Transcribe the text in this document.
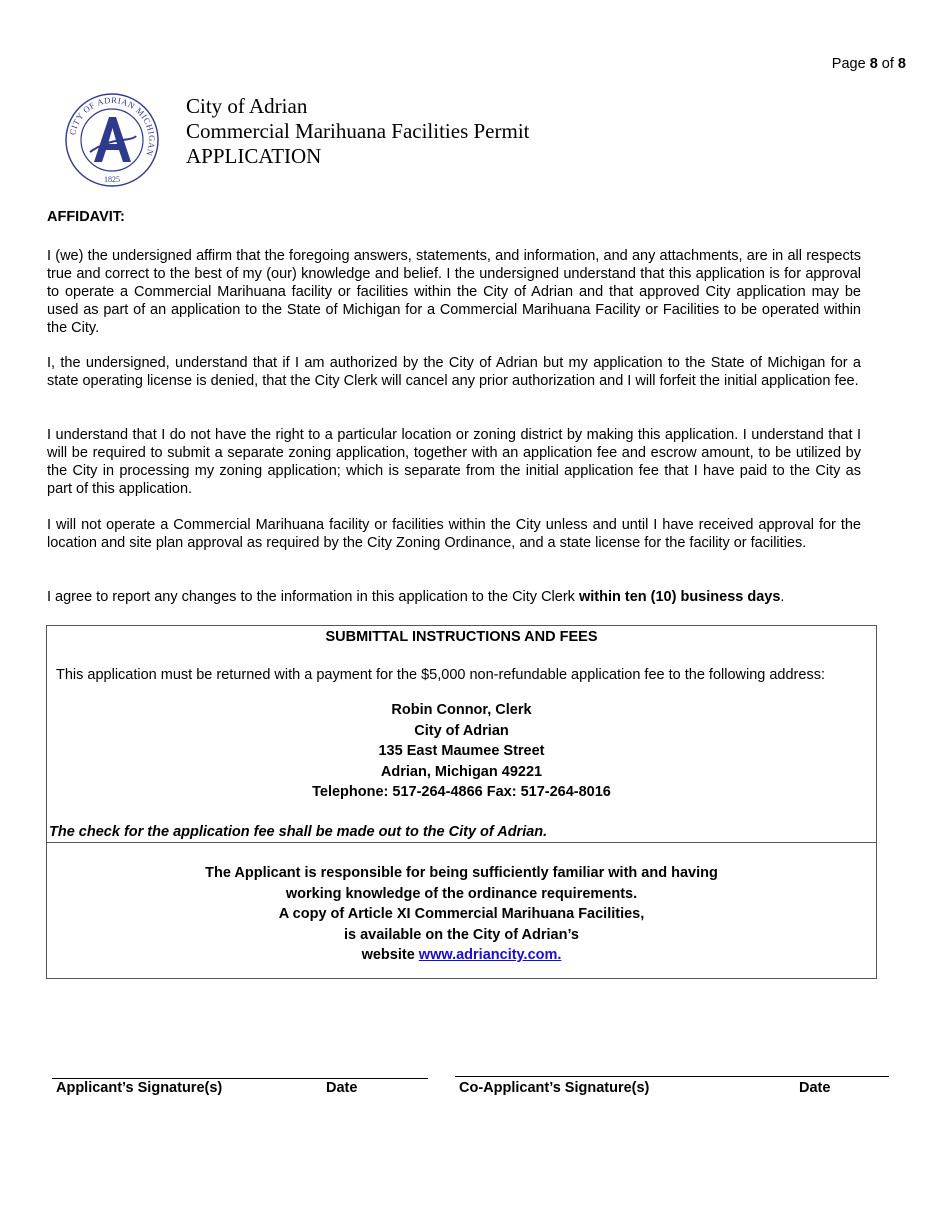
Page 8 of 8
CITY OF ADRIAN MICHIGAN
1825
City of Adrian
Commercial Marihuana Facilities Permit
APPLICATION
AFFIDAVIT:
I (we) the undersigned affirm that the foregoing answers, statements, and information, and any attachments, are in all respects true and correct to the best of my (our) knowledge and belief. I the undersigned understand that this application is for approval to operate a Commercial Marihuana facility or facilities within the City of Adrian and that approved City application may be used as part of an application to the State of Michigan for a Commercial Marihuana Facility or Facilities to be operated within the City.
I, the undersigned, understand that if I am authorized by the City of Adrian but my application to the State of Michigan for a state operating license is denied, that the City Clerk will cancel any prior authorization and I will forfeit the initial application fee.
I understand that I do not have the right to a particular location or zoning district by making this application. I understand that I will be required to submit a separate zoning application, together with an application fee and escrow amount, to be utilized by the City in processing my zoning application; which is separate from the initial application fee that I have paid to the City as part of this application.
I will not operate a Commercial Marihuana facility or facilities within the City unless and until I have received approval for the location and site plan approval as required by the City Zoning Ordinance, and a state license for the facility or facilities.
I agree to report any changes to the information in this application to the City Clerk within ten (10) business days.
SUBMITTAL INSTRUCTIONS AND FEES
This application must be returned with a payment for the $5,000 non-refundable application fee to the following address:
Robin Connor, Clerk
City of Adrian
135 East Maumee Street
Adrian, Michigan 49221
Telephone: 517-264-4866 Fax: 517-264-8016
The check for the application fee shall be made out to the City of Adrian.
The Applicant is responsible for being sufficiently familiar with and having
working knowledge of the ordinance requirements.
A copy of Article XI Commercial Marihuana Facilities,
is available on the City of Adrian’s
website www.adriancity.com.
Applicant’s Signature(s)	Date	Co-Applicant’s Signature(s)	Date
